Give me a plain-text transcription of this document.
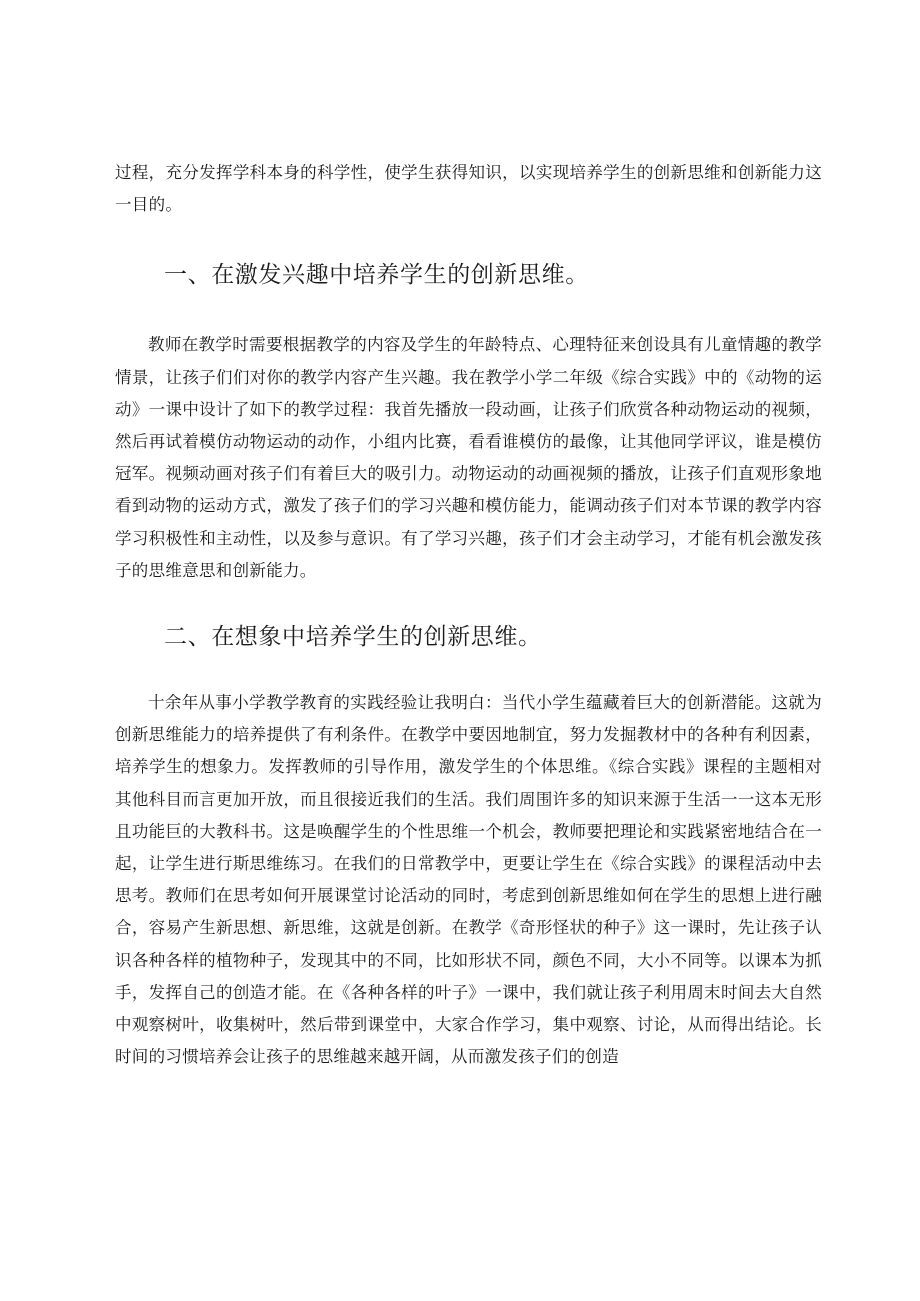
过程，充分发挥学科本身的科学性，使学生获得知识，以实现培养学生的创新思维和创新能力这一目的。

一、在激发兴趣中培养学生的创新思维。

教师在教学时需要根据教学的内容及学生的年龄特点、心理特征来创设具有儿童情趣的教学情景，让孩子们们对你的教学内容产生兴趣。我在教学小学二年级《综合实践》中的《动物的运动》一课中设计了如下的教学过程：我首先播放一段动画，让孩子们欣赏各种动物运动的视频，然后再试着模仿动物运动的动作，小组内比赛，看看谁模仿的最像，让其他同学评议，谁是模仿冠军。视频动画对孩子们有着巨大的吸引力。动物运动的动画视频的播放，让孩子们直观形象地看到动物的运动方式，激发了孩子们的学习兴趣和模仿能力，能调动孩子们对本节课的教学内容学习积极性和主动性，以及参与意识。有了学习兴趣，孩子们才会主动学习，才能有机会激发孩子的思维意思和创新能力。

二、在想象中培养学生的创新思维。

十余年从事小学教学教育的实践经验让我明白：当代小学生蕴藏着巨大的创新潜能。这就为创新思维能力的培养提供了有利条件。在教学中要因地制宜，努力发掘教材中的各种有利因素，培养学生的想象力。发挥教师的引导作用，激发学生的个体思维。《综合实践》课程的主题相对其他科目而言更加开放，而且很接近我们的生活。我们周围许多的知识来源于生活一一这本无形且功能巨的大教科书。这是唤醒学生的个性思维一个机会，教师要把理论和实践紧密地结合在一起，让学生进行斯思维练习。在我们的日常教学中，更要让学生在《综合实践》的课程活动中去思考。教师们在思考如何开展课堂讨论活动的同时，考虑到创新思维如何在学生的思想上进行融合，容易产生新思想、新思维，这就是创新。在教学《奇形怪状的种子》这一课时，先让孩子认识各种各样的植物种子，发现其中的不同，比如形状不同，颜色不同，大小不同等。以课本为抓手，发挥自己的创造才能。在《各种各样的叶子》一课中，我们就让孩子利用周末时间去大自然中观察树叶，收集树叶，然后带到课堂中，大家合作学习，集中观察、讨论，从而得出结论。长时间的习惯培养会让孩子的思维越来越开阔，从而激发孩子们的创造
